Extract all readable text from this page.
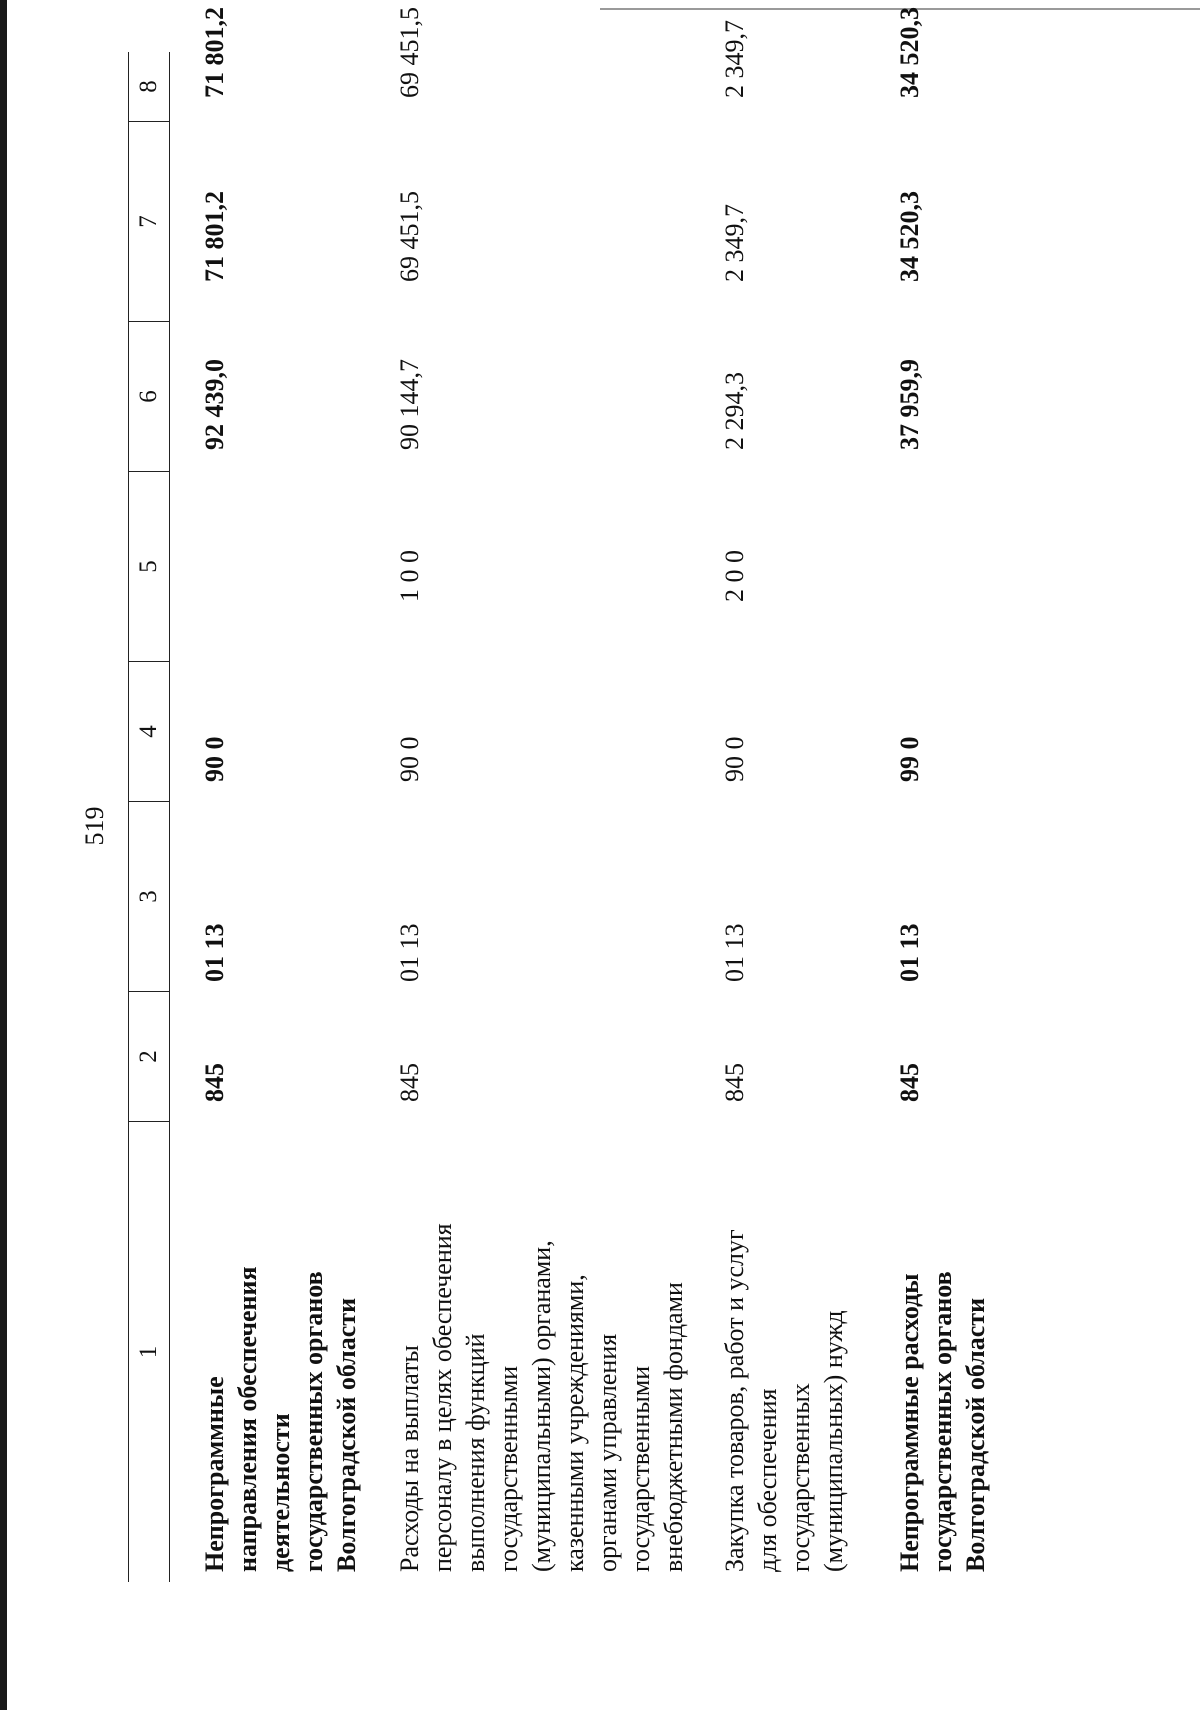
519
1
2
3
4
5
6
7
8
Непрограммные направления обеспечения деятельности государственных органов Волгоградской области
845
01 13
90 0
92 439,0
71 801,2
71 801,2
Расходы на выплаты персоналу в целях обеспечения выполнения функций государственными (муниципальными) органами, казенными учреждениями, органами управления государственными внебюджетными фондами
845
01 13
90 0
1 0 0
90 144,7
69 451,5
69 451,5
Закупка товаров, работ и услуг для обеспечения государственных (муниципальных) нужд
845
01 13
90 0
2 0 0
2 294,3
2 349,7
2 349,7
Непрограммные расходы государственных органов Волгоградской области
845
01 13
99 0
37 959,9
34 520,3
34 520,3
